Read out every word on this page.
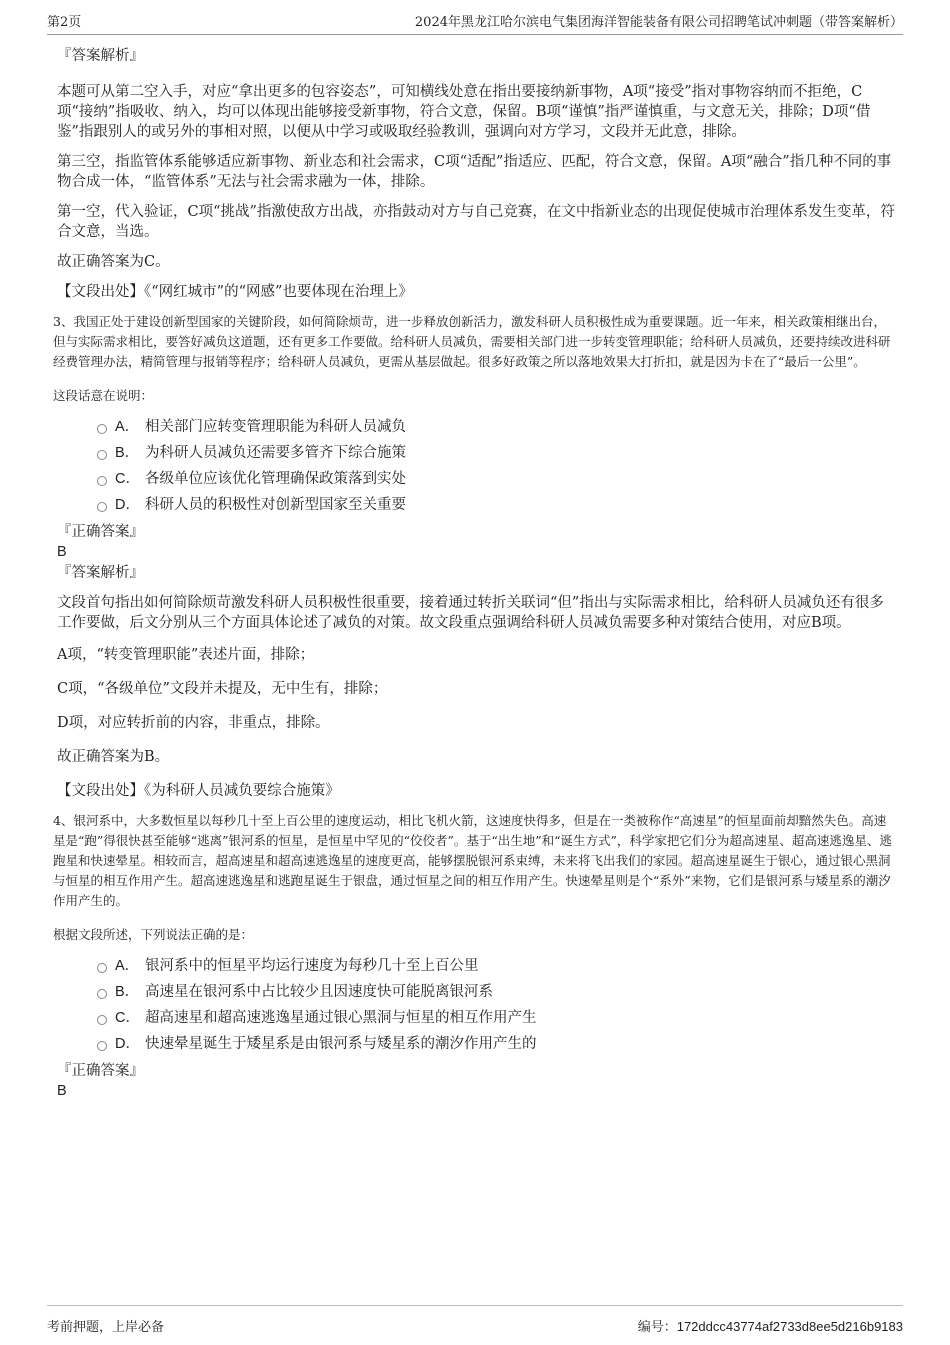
第2页	2024年黑龙江哈尔滨电气集团海洋智能装备有限公司招聘笔试冲刺题（带答案解析）

『答案解析』

本题可从第二空入手，对应“拿出更多的包容姿态”，可知横线处意在指出要接纳新事物，A项“接受”指对事物容纳而不拒绝，C项“接纳”指吸收、纳入，均可以体现出能够接受新事物，符合文意，保留。B项“谨慎”指严谨慎重，与文意无关，排除；D项“借鉴”指跟别人的或另外的事相对照，以便从中学习或吸取经验教训，强调向对方学习，文段并无此意，排除。

第三空，指监管体系能够适应新事物、新业态和社会需求，C项“适配”指适应、匹配，符合文意，保留。A项“融合”指几种不同的事物合成一体，“监管体系”无法与社会需求融为一体，排除。

第一空，代入验证，C项“挑战”指激使敌方出战，亦指鼓动对方与自己竞赛，在文中指新业态的出现促使城市治理体系发生变革，符合文意，当选。

故正确答案为C。

【文段出处】《“网红城市”的“网感”也要体现在治理上》

3、我国正处于建设创新型国家的关键阶段，如何简除烦苛，进一步释放创新活力，激发科研人员积极性成为重要课题。近一年来，相关政策相继出台，但与实际需求相比，要答好减负这道题，还有更多工作要做。给科研人员减负，需要相关部门进一步转变管理职能；给科研人员减负，还要持续改进科研经费管理办法，精简管理与报销等程序；给科研人员减负，更需从基层做起。很多好政策之所以落地效果大打折扣，就是因为卡在了“最后一公里”。

这段话意在说明：

A． 相关部门应转变管理职能为科研人员减负
B． 为科研人员减负还需要多管齐下综合施策
C． 各级单位应该优化管理确保政策落到实处
D． 科研人员的积极性对创新型国家至关重要

『正确答案』

B

『答案解析』

文段首句指出如何简除烦苛激发科研人员积极性很重要，接着通过转折关联词“但”指出与实际需求相比，给科研人员减负还有很多工作要做，后文分别从三个方面具体论述了减负的对策。故文段重点强调给科研人员减负需要多种对策结合使用，对应B项。

A项，“转变管理职能”表述片面，排除；

C项，“各级单位”文段并未提及，无中生有，排除；

D项，对应转折前的内容，非重点，排除。

故正确答案为B。

【文段出处】《为科研人员减负要综合施策》

4、银河系中，大多数恒星以每秒几十至上百公里的速度运动，相比飞机火箭，这速度快得多，但是在一类被称作“高速星”的恒星面前却黯然失色。高速星是“跑”得很快甚至能够“逃离”银河系的恒星，是恒星中罕见的“佼佼者”。基于“出生地”和“诞生方式”，科学家把它们分为超高速星、超高速逃逸星、逃跑星和快速晕星。相较而言，超高速星和超高速逃逸星的速度更高，能够摆脱银河系束缚，未来将飞出我们的家园。超高速星诞生于银心，通过银心黑洞与恒星的相互作用产生。超高速逃逸星和逃跑星诞生于银盘，通过恒星之间的相互作用产生。快速晕星则是个“系外”来物，它们是银河系与矮星系的潮汐作用产生的。

根据文段所述，下列说法正确的是：

A． 银河系中的恒星平均运行速度为每秒几十至上百公里
B． 高速星在银河系中占比较少且因速度快可能脱离银河系
C． 超高速星和超高速逃逸星通过银心黑洞与恒星的相互作用产生
D． 快速晕星诞生于矮星系是由银河系与矮星系的潮汐作用产生的

『正确答案』

B

考前押题，上岸必备	编号：172ddcc43774af2733d8ee5d216b9183
